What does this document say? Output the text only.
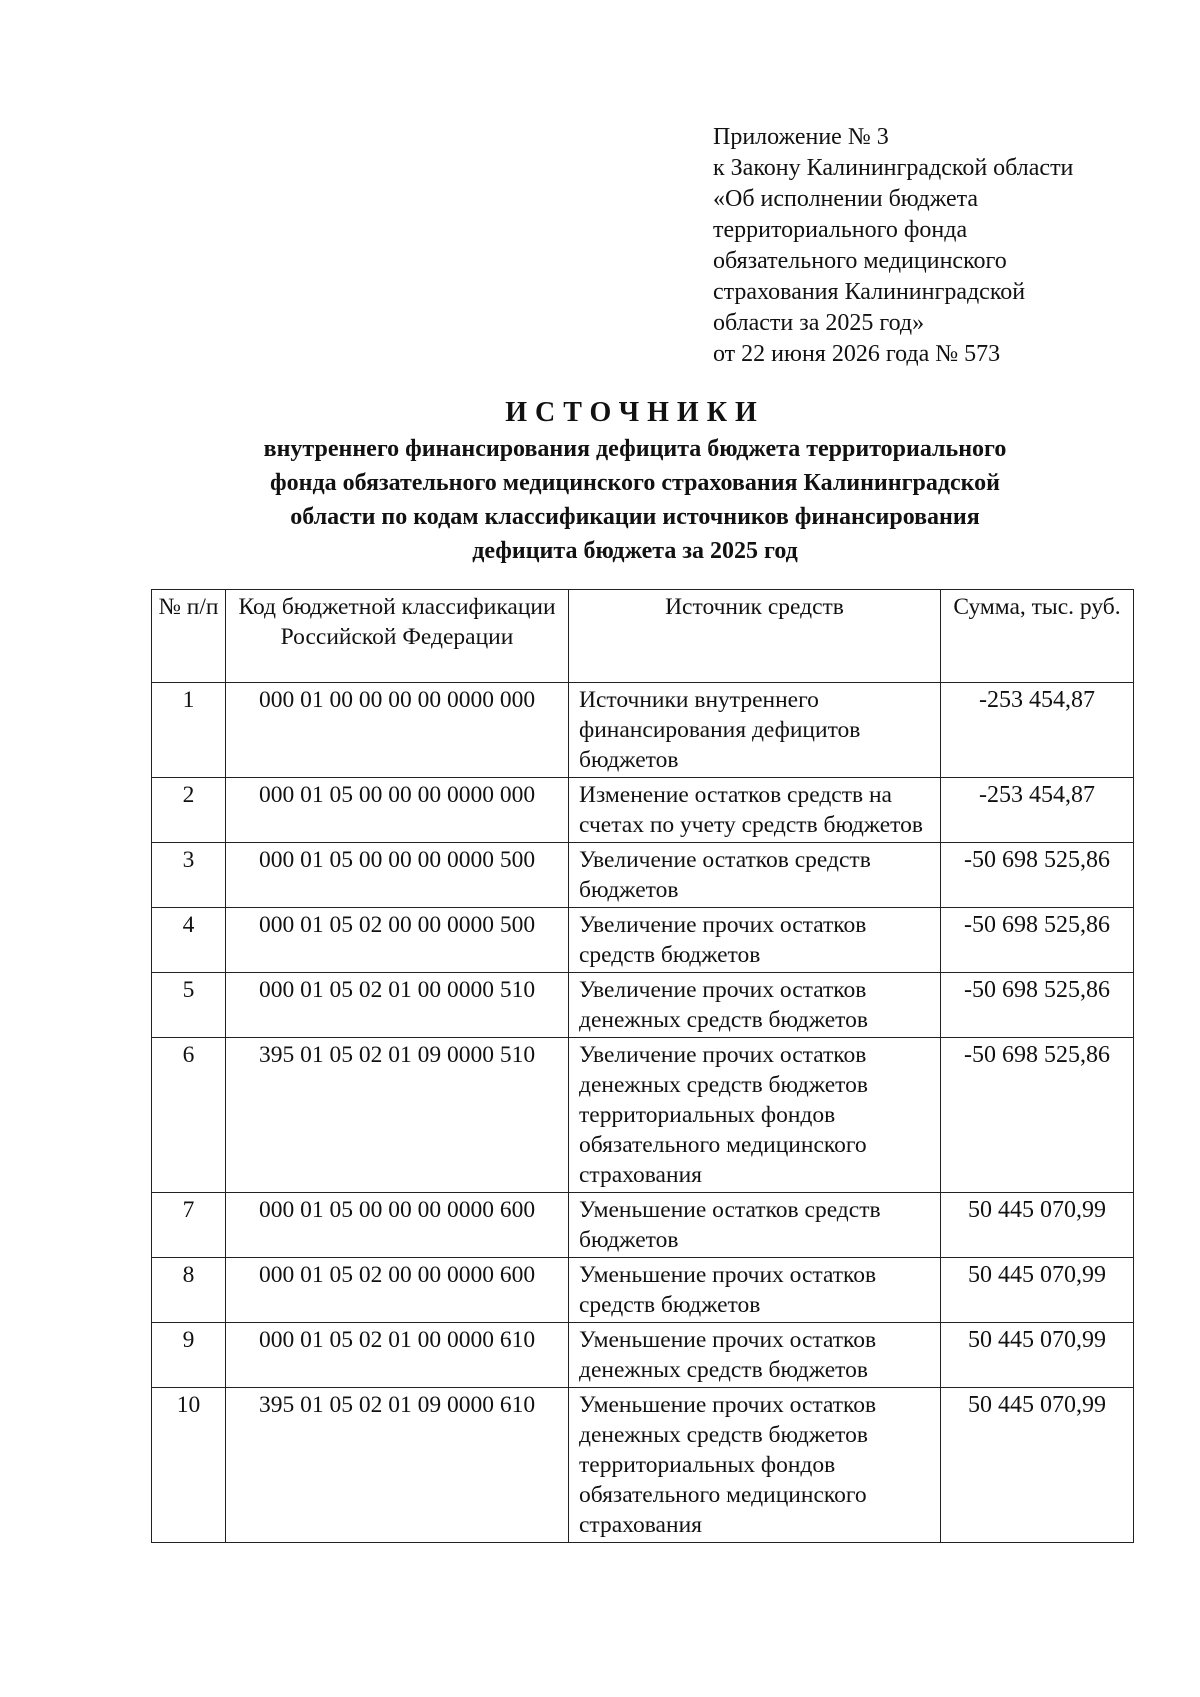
Приложение № 3
к Закону Калининградской области
«Об исполнении бюджета
территориального фонда
обязательного медицинского
страхования Калининградской
области за 2025 год»
от 22 июня 2026 года № 573
ИСТОЧНИКИ
внутреннего финансирования дефицита бюджета территориального
фонда обязательного медицинского страхования Калининградской
области по кодам классификации источников финансирования
дефицита бюджета за 2025 год
№ п/п	Код бюджетной классификации Российской Федерации	Источник средств	Сумма, тыс. руб.
1	000 01 00 00 00 00 0000 000	Источники внутреннего финансирования дефицитов бюджетов	-253 454,87
2	000 01 05 00 00 00 0000 000	Изменение остатков средств на счетах по учету средств бюджетов	-253 454,87
3	000 01 05 00 00 00 0000 500	Увеличение остатков средств бюджетов	-50 698 525,86
4	000 01 05 02 00 00 0000 500	Увеличение прочих остатков средств бюджетов	-50 698 525,86
5	000 01 05 02 01 00 0000 510	Увеличение прочих остатков денежных средств бюджетов	-50 698 525,86
6	395 01 05 02 01 09 0000 510	Увеличение прочих остатков денежных средств бюджетов территориальных фондов обязательного медицинского страхования	-50 698 525,86
7	000 01 05 00 00 00 0000 600	Уменьшение остатков средств бюджетов	50 445 070,99
8	000 01 05 02 00 00 0000 600	Уменьшение прочих остатков средств бюджетов	50 445 070,99
9	000 01 05 02 01 00 0000 610	Уменьшение прочих остатков денежных средств бюджетов	50 445 070,99
10	395 01 05 02 01 09 0000 610	Уменьшение прочих остатков денежных средств бюджетов территориальных фондов обязательного медицинского страхования	50 445 070,99
